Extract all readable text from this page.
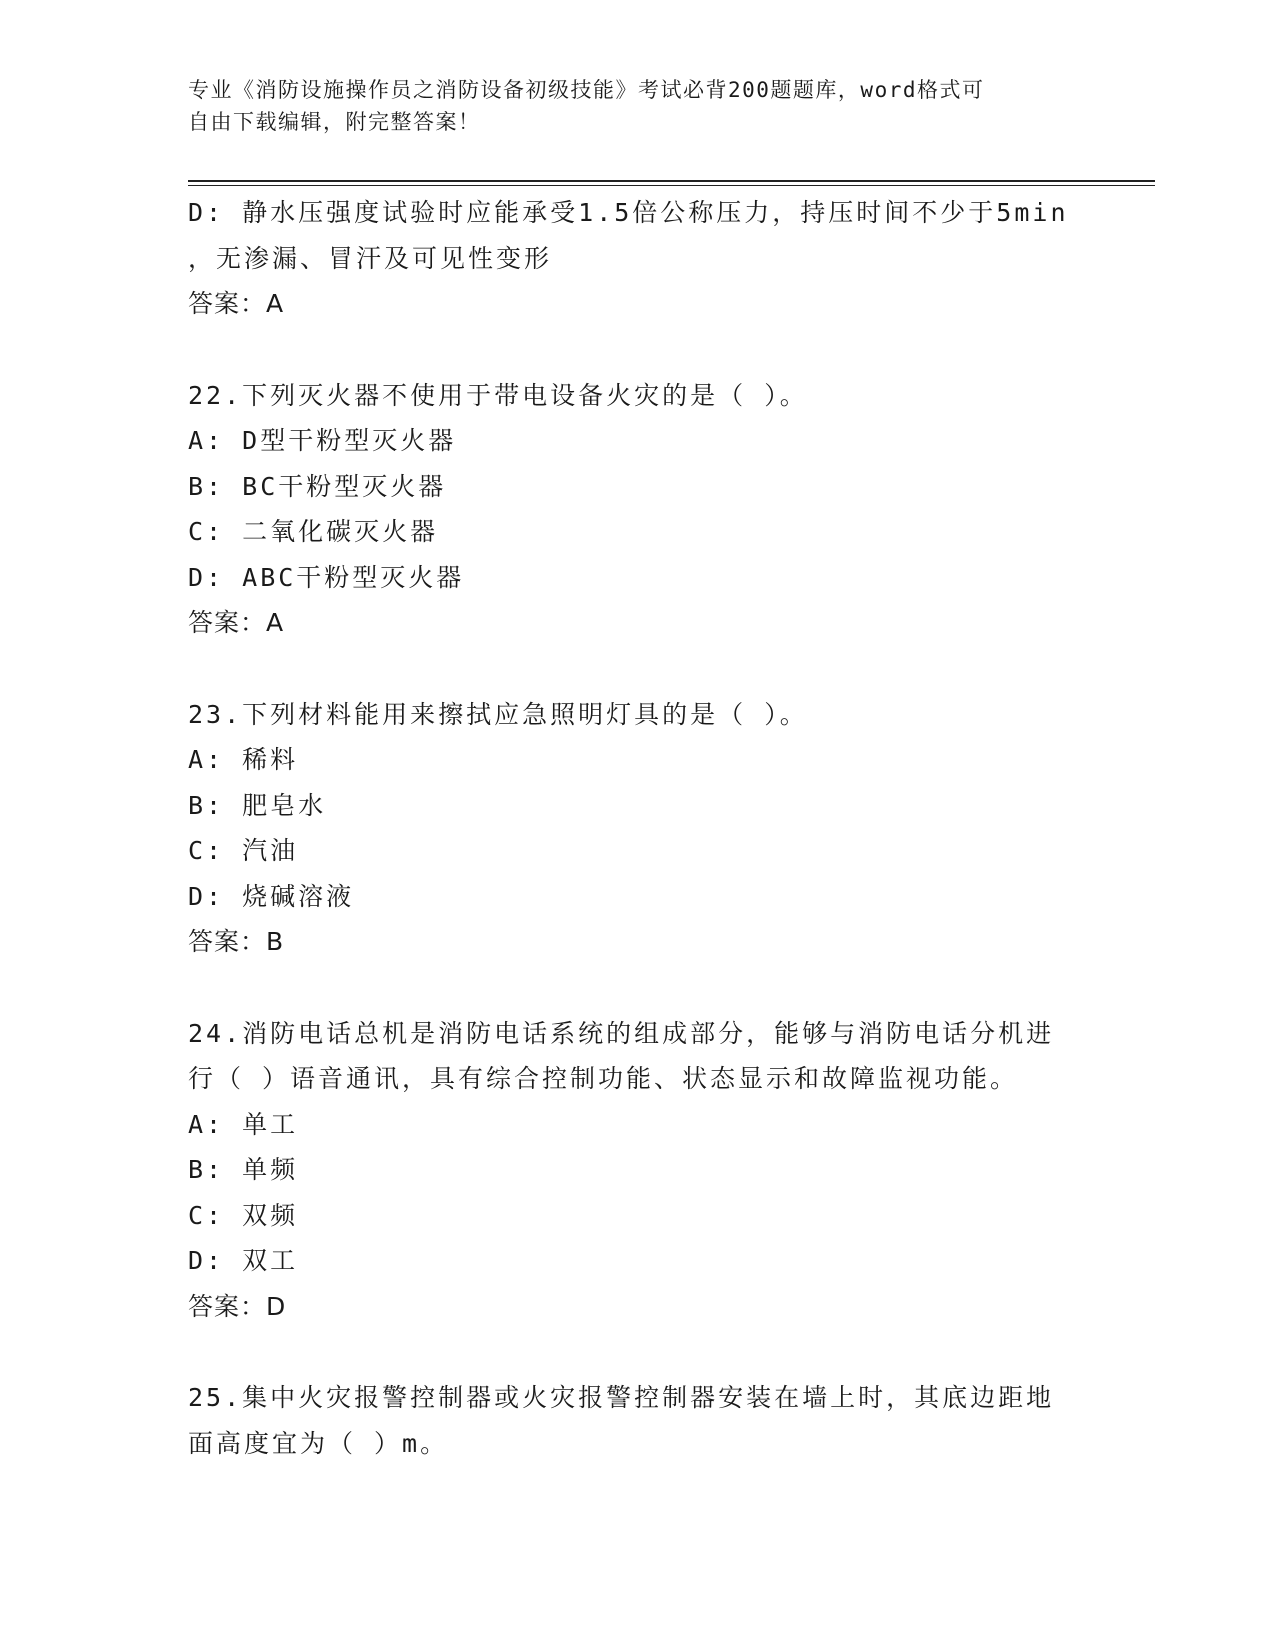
专业《消防设施操作员之消防设备初级技能》考试必背200题题库，word格式可
自由下载编辑，附完整答案！
D: 静水压强度试验时应能承受1.5倍公称压力，持压时间不少于5min
，无渗漏、冒汗及可见性变形
答案：A
22.下列灭火器不使用于带电设备火灾的是（ ）。
A: D型干粉型灭火器
B: BC干粉型灭火器
C: 二氧化碳灭火器
D: ABC干粉型灭火器
答案：A
23.下列材料能用来擦拭应急照明灯具的是（ ）。
A: 稀料
B: 肥皂水
C: 汽油
D: 烧碱溶液
答案：B
24.消防电话总机是消防电话系统的组成部分，能够与消防电话分机进
行（ ）语音通讯，具有综合控制功能、状态显示和故障监视功能。
A: 单工
B: 单频
C: 双频
D: 双工
答案：D
25.集中火灾报警控制器或火灾报警控制器安装在墙上时，其底边距地
面高度宜为（ ）m。
